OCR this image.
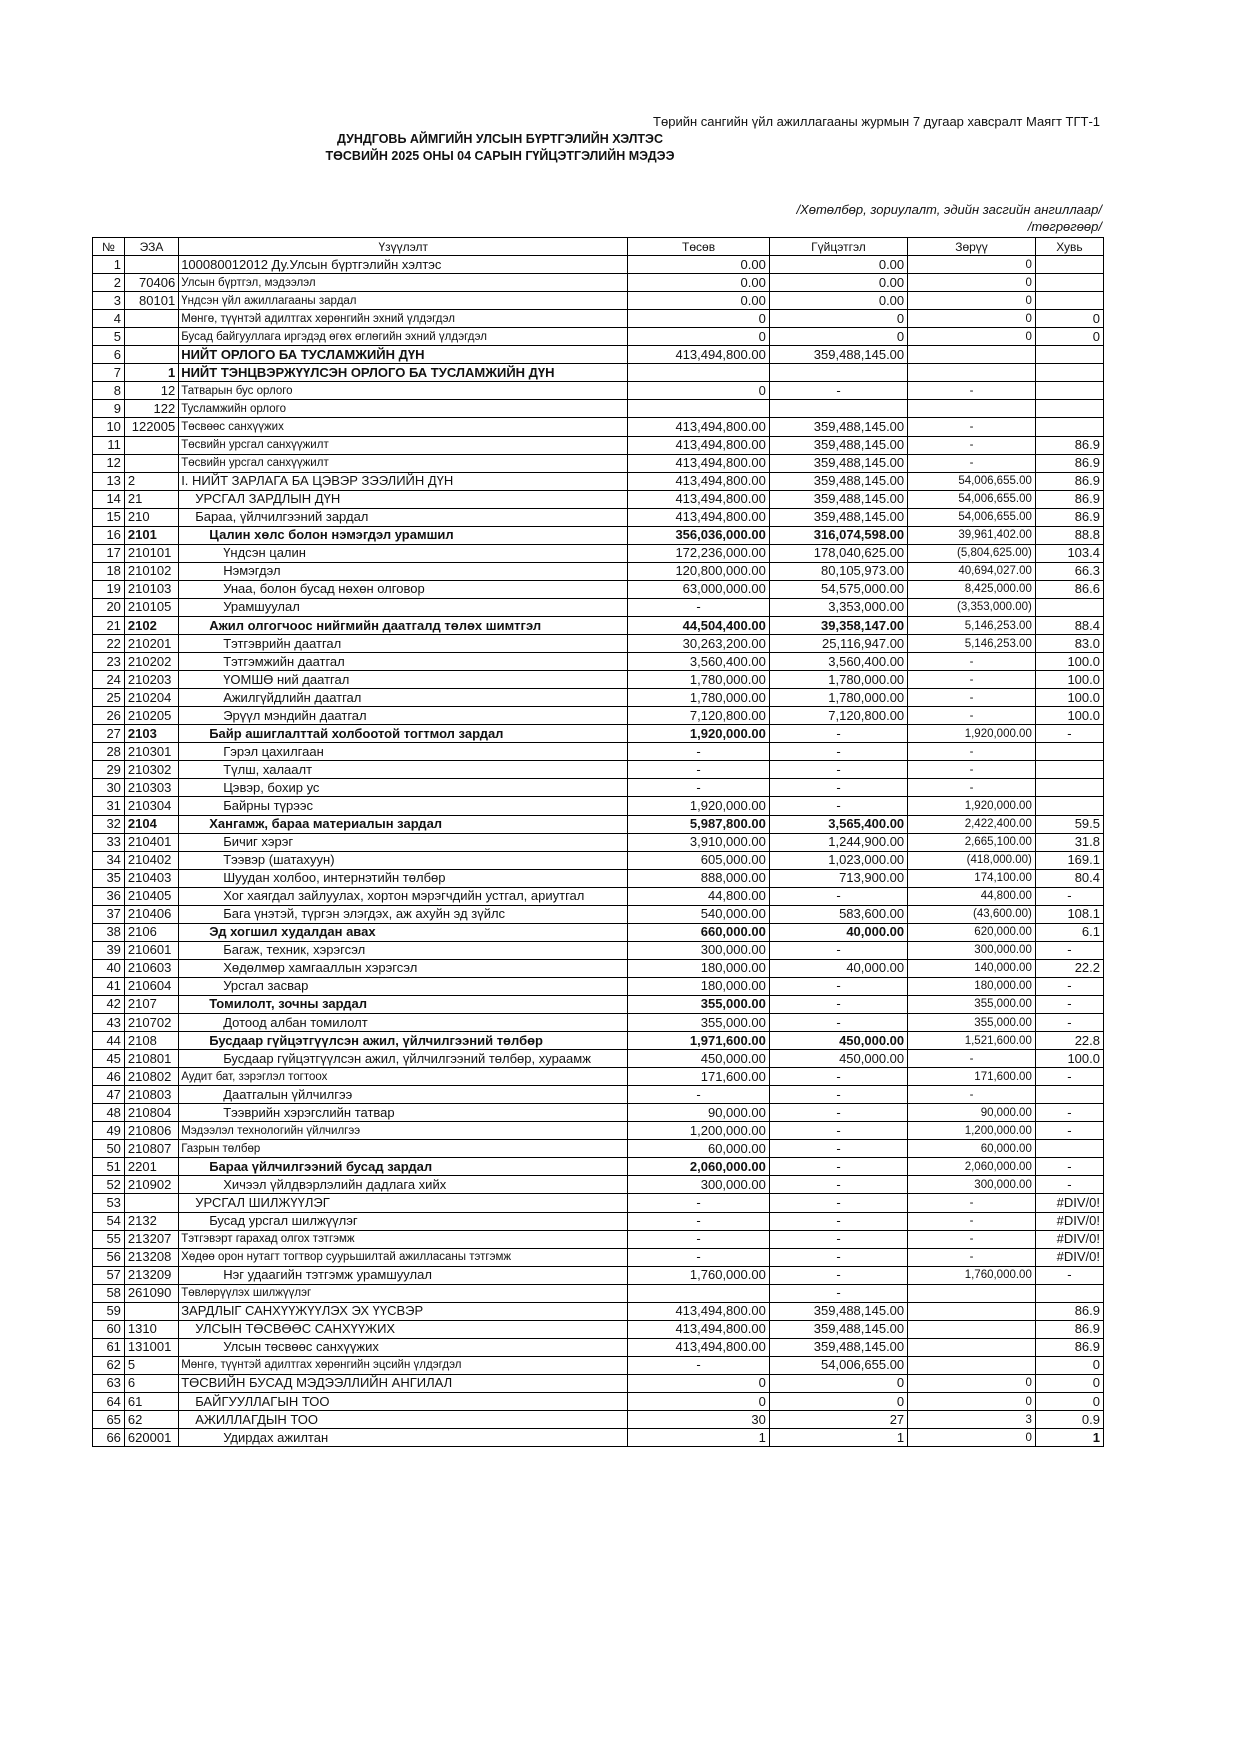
Төрийн сангийн үйл ажиллагааны журмын 7 дугаар хавсралт Маягт ТГТ-1
ДУНДГОВЬ АЙМГИЙН УЛСЫН БҮРТГЭЛИЙН ХЭЛТЭС
ТӨСВИЙН 2025 ОНЫ 04 САРЫН ГҮЙЦЭТГЭЛИЙН МЭДЭЭ
/Хөтөлбөр, зориулалт, эдийн засгийн ангиллаар/
/төгрөгөөр/
№	ЭЗА	Үзүүлэлт	Төсөв	Гүйцэтгэл	Зөрүү	Хувь
1		100080012012 Ду.Улсын бүртгэлийн хэлтэс	0.00	0.00	0	
2	70406	Улсын бүртгэл, мэдээлэл	0.00	0.00	0	
3	80101	Үндсэн үйл ажиллагааны зардал	0.00	0.00	0	
4		Мөнгө, түүнтэй адилтгах хөрөнгийн эхний үлдэгдэл	0	0	0	0
5		Бусад байгууллага иргэдэд өгөх өглөгийн эхний үлдэгдэл	0	0	0	0
6		НИЙТ ОРЛОГО БА ТУСЛАМЖИЙН ДҮН	413,494,800.00	359,488,145.00		
7	1	НИЙТ ТЭНЦВЭРЖҮҮЛСЭН ОРЛОГО БА ТУСЛАМЖИЙН ДҮН				
8	12	Татварын бус орлого	0	-	-	
9	122	Тусламжийн орлого				
10	122005	Төсвөөс санхүүжих	413,494,800.00	359,488,145.00	-	
11		Төсвийн урсгал санхүүжилт	413,494,800.00	359,488,145.00	-	86.9
12		Төсвийн урсгал санхүүжилт	413,494,800.00	359,488,145.00	-	86.9
13	2	I. НИЙТ ЗАРЛАГА БА ЦЭВЭР ЗЭЭЛИЙН ДҮН	413,494,800.00	359,488,145.00	54,006,655.00	86.9
14	21	УРСГАЛ ЗАРДЛЫН ДҮН	413,494,800.00	359,488,145.00	54,006,655.00	86.9
15	210	Бараа, үйлчилгээний зардал	413,494,800.00	359,488,145.00	54,006,655.00	86.9
16	2101	Цалин хөлс болон нэмэгдэл урамшил	356,036,000.00	316,074,598.00	39,961,402.00	88.8
17	210101	Үндсэн цалин	172,236,000.00	178,040,625.00	(5,804,625.00)	103.4
18	210102	Нэмэгдэл	120,800,000.00	80,105,973.00	40,694,027.00	66.3
19	210103	Унаа, болон бусад нөхөн олговор	63,000,000.00	54,575,000.00	8,425,000.00	86.6
20	210105	Урамшуулал	-	3,353,000.00	(3,353,000.00)	
21	2102	Ажил олгогчоос нийгмийн даатгалд төлөх шимтгэл	44,504,400.00	39,358,147.00	5,146,253.00	88.4
22	210201	Тэтгэврийн даатгал	30,263,200.00	25,116,947.00	5,146,253.00	83.0
23	210202	Тэтгэмжийн даатгал	3,560,400.00	3,560,400.00	-	100.0
24	210203	ҮОМШӨ ний даатгал	1,780,000.00	1,780,000.00	-	100.0
25	210204	Ажилгүйдлийн даатгал	1,780,000.00	1,780,000.00	-	100.0
26	210205	Эрүүл мэндийн даатгал	7,120,800.00	7,120,800.00	-	100.0
27	2103	Байр ашиглалттай холбоотой тогтмол зардал	1,920,000.00	-	1,920,000.00	-
28	210301	Гэрэл цахилгаан	-	-	-	
29	210302	Түлш, халаалт	-	-	-	
30	210303	Цэвэр, бохир ус	-	-	-	
31	210304	Байрны түрээс	1,920,000.00	-	1,920,000.00	
32	2104	Хангамж, бараа материалын зардал	5,987,800.00	3,565,400.00	2,422,400.00	59.5
33	210401	Бичиг хэрэг	3,910,000.00	1,244,900.00	2,665,100.00	31.8
34	210402	Тээвэр (шатахуун)	605,000.00	1,023,000.00	(418,000.00)	169.1
35	210403	Шуудан холбоо, интернэтийн төлбөр	888,000.00	713,900.00	174,100.00	80.4
36	210405	Хог хаягдал зайлуулах, хортон мэрэгчдийн устгал, ариутгал	44,800.00	-	44,800.00	-
37	210406	Бага үнэтэй, түргэн элэгдэх, аж ахуйн эд зүйлс	540,000.00	583,600.00	(43,600.00)	108.1
38	2106	Эд хогшил худалдан авах	660,000.00	40,000.00	620,000.00	6.1
39	210601	Багаж, техник, хэрэгсэл	300,000.00	-	300,000.00	-
40	210603	Хөдөлмөр хамгааллын хэрэгсэл	180,000.00	40,000.00	140,000.00	22.2
41	210604	Урсгал засвар	180,000.00	-	180,000.00	-
42	2107	Томилолт, зочны зардал	355,000.00	-	355,000.00	-
43	210702	Дотоод албан томилолт	355,000.00	-	355,000.00	-
44	2108	Бусдаар гүйцэтгүүлсэн ажил, үйлчилгээний төлбөр	1,971,600.00	450,000.00	1,521,600.00	22.8
45	210801	Бусдаар гүйцэтгүүлсэн ажил, үйлчилгээний төлбөр, хураамж	450,000.00	450,000.00	-	100.0
46	210802	Аудит бат, зэрэглэл тогтоох	171,600.00	-	171,600.00	-
47	210803	Даатгалын үйлчилгээ	-	-	-	
48	210804	Тээврийн хэрэгслийн татвар	90,000.00	-	90,000.00	-
49	210806	Мэдээлэл технологийн үйлчилгээ	1,200,000.00	-	1,200,000.00	-
50	210807	Газрын төлбөр	60,000.00	-	60,000.00	
51	2201	Бараа үйлчилгээний бусад зардал	2,060,000.00	-	2,060,000.00	-
52	210902	Хичээл үйлдвэрлэлийн дадлага хийх	300,000.00	-	300,000.00	-
53		УРСГАЛ ШИЛЖҮҮЛЭГ	-	-	-	#DIV/0!
54	2132	Бусад урсгал шилжүүлэг	-	-	-	#DIV/0!
55	213207	Тэтгэвэрт гарахад олгох тэтгэмж	-	-	-	#DIV/0!
56	213208	Хөдөө орон нутагт тогтвор суурьшилтай ажилласаны тэтгэмж	-	-	-	#DIV/0!
57	213209	Нэг удаагийн тэтгэмж урамшуулал	1,760,000.00	-	1,760,000.00	-
58	261090	Төвлөрүүлэх шилжүүлэг		-		
59		ЗАРДЛЫГ САНХҮҮЖҮҮЛЭХ ЭХ ҮҮСВЭР	413,494,800.00	359,488,145.00		86.9
60	1310	УЛСЫН ТӨСВӨӨС САНХҮҮЖИХ	413,494,800.00	359,488,145.00		86.9
61	131001	Улсын төсвөөс санхүүжих	413,494,800.00	359,488,145.00		86.9
62	5	Мөнгө, түүнтэй адилтгах хөрөнгийн эцсийн үлдэгдэл	-	54,006,655.00		0
63	6	ТӨСВИЙН БУСАД МЭДЭЭЛЛИЙН АНГИЛАЛ	0	0	0	0
64	61	БАЙГУУЛЛАГЫН ТОО	0	0	0	0
65	62	АЖИЛЛАГДЫН ТОО	30	27	3	0.9
66	620001	Удирдах ажилтан	1	1	0	1
